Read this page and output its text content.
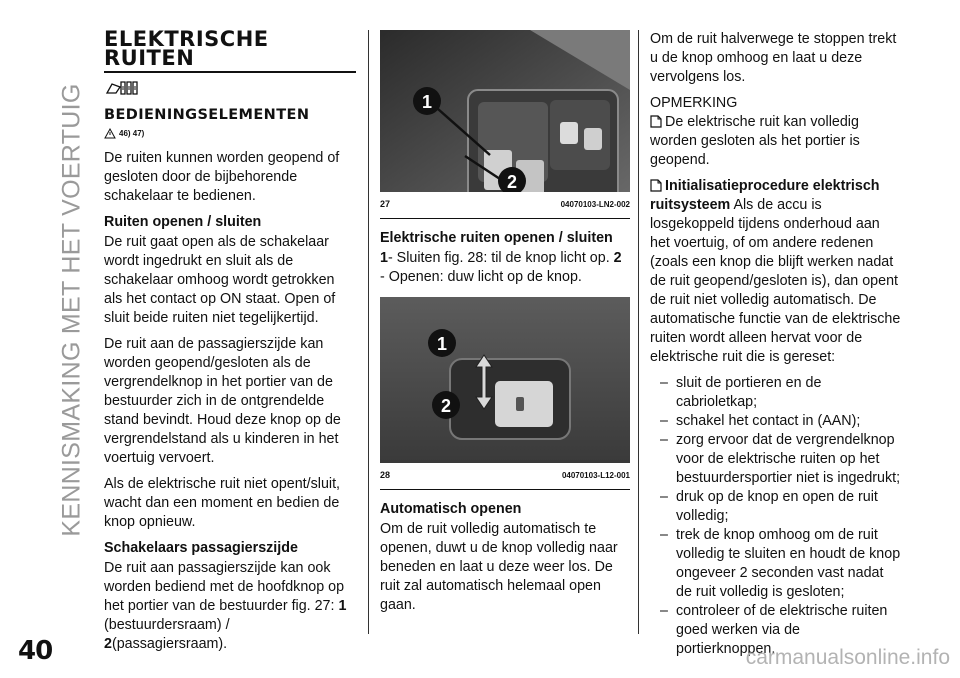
KENNISMAKING MET HET VOERTUIG
ELEKTRISCHE
RUITEN
BEDIENINGSELEMENTEN
46) 47)

De ruiten kunnen worden geopend of gesloten door de bijbehorende schakelaar te bedienen.

Ruiten openen / sluiten

De ruit gaat open als de schakelaar wordt ingedrukt en sluit als de schakelaar omhoog wordt getrokken als het contact op ON staat. Open of sluit beide ruiten niet tegelijkertijd.

De ruit aan de passagierszijde kan worden geopend/gesloten als de vergrendelknop in het portier van de bestuurder zich in de ontgrendelde stand bevindt. Houd deze knop op de vergrendelstand als u kinderen in het voertuig vervoert.

Als de elektrische ruit niet opent/sluit, wacht dan een moment en bedien de knop opnieuw.

Schakelaars passagierszijde

De ruit aan passagierszijde kan ook worden bediend met de hoofdknop op het portier van de bestuurder fig. 27: 1 (bestuurdersraam) / 2(passagiersraam).

1
2
27	04070103-LN2-002
Elektrische ruiten openen / sluiten

1- Sluiten fig. 28: til de knop licht op. 2

- Openen: duw licht op de knop.

1
2
28	04070103-L12-001
Automatisch openen

Om de ruit volledig automatisch te openen, duwt u de knop volledig naar beneden en laat u deze weer los. De ruit zal automatisch helemaal open gaan.

Om de ruit halverwege te stoppen trekt u de knop omhoog en laat u deze vervolgens los.

OPMERKING

De elektrische ruit kan volledig worden gesloten als het portier is geopend.

Initialisatieprocedure elektrisch ruitsysteem Als de accu is losgekoppeld tijdens onderhoud aan het voertuig, of om andere redenen (zoals een knop die blijft werken nadat de ruit geopend/gesloten is), dan opent de ruit niet volledig automatisch. De automatische functie van de elektrische ruiten wordt alleen hervat voor de elektrische ruit die is gereset:

– sluit de portieren en de cabrioletkap;
– schakel het contact in (AAN);
– zorg ervoor dat de vergrendelknop voor de elektrische ruiten op het bestuurdersportier niet is ingedrukt;
– druk op de knop en open de ruit volledig;
– trek de knop omhoog om de ruit volledig te sluiten en houdt de knop ongeveer 2 seconden vast nadat de ruit volledig is gesloten;
– controleer of de elektrische ruiten goed werken via de portierknoppen.
40	carmanualsonline.info
